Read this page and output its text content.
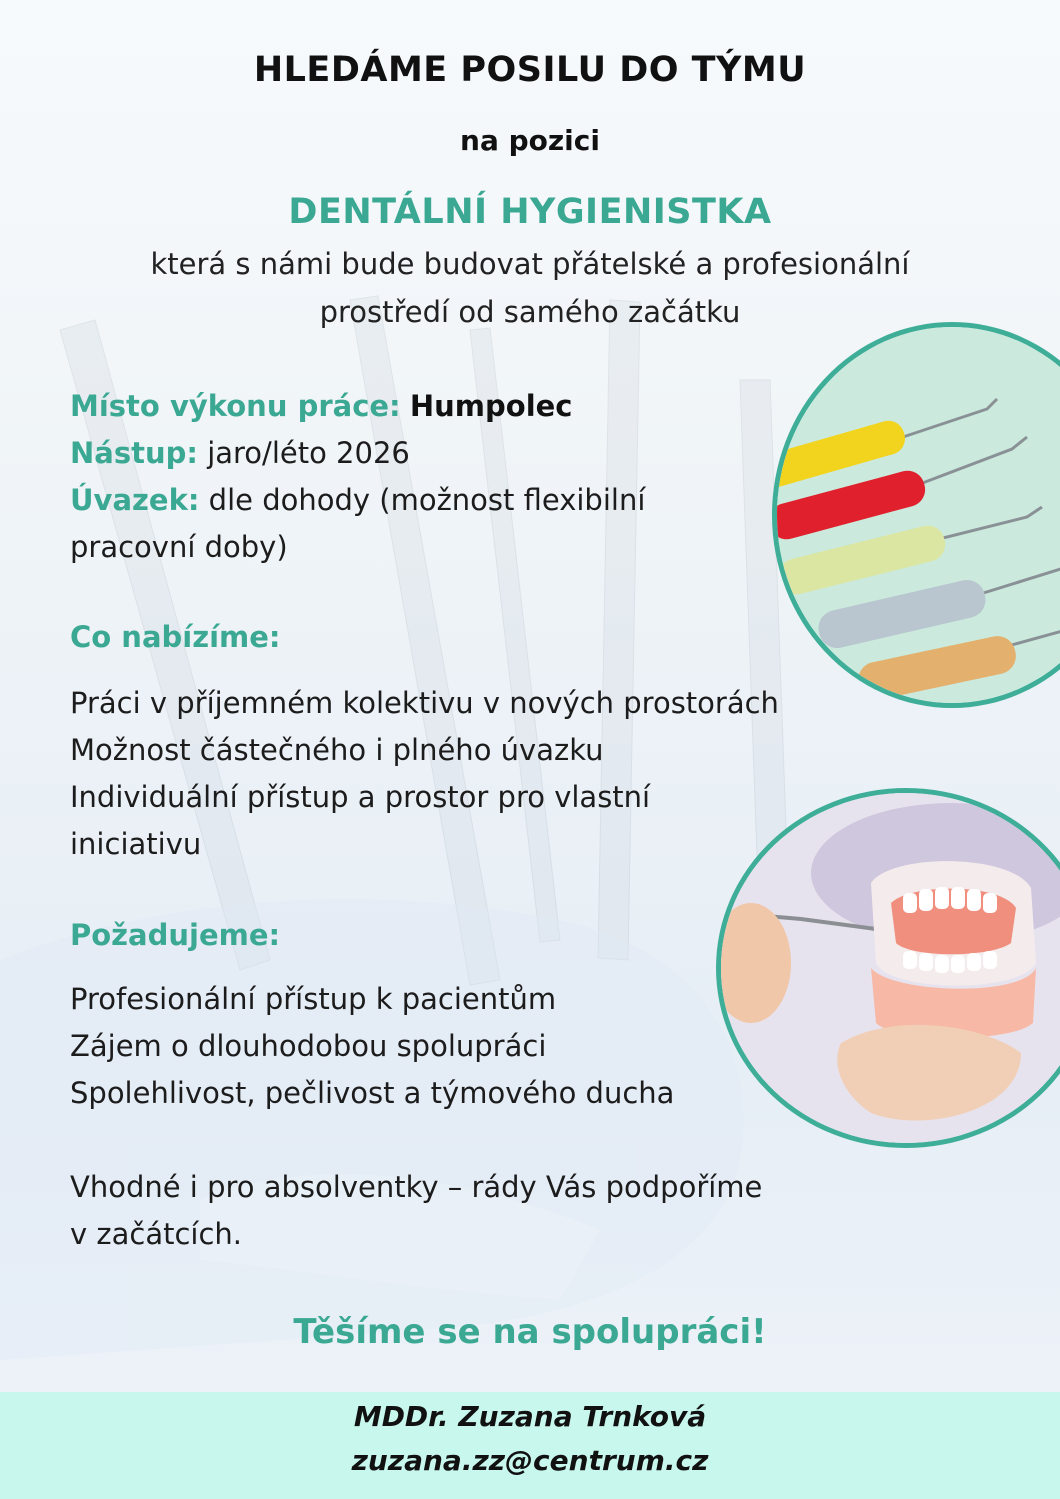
HLEDÁME POSILU DO TÝMU
na pozici
DENTÁLNÍ HYGIENISTKA
která s námi bude budovat přátelské a profesionální
prostředí od samého začátku
Místo výkonu práce: Humpolec
Nástup: jaro/léto 2026
Úvazek: dle dohody (možnost flexibilní
pracovní doby)
Co nabízíme:
Práci v příjemném kolektivu v nových prostorách
Možnost částečného i plného úvazku
Individuální přístup a prostor pro vlastní
iniciativu
Požadujeme:
Profesionální přístup k pacientům
Zájem o dlouhodobou spolupráci
Spolehlivost, pečlivost a týmového ducha
Vhodné i pro absolventky – rády Vás podpoříme
v začátcích.
Těšíme se na spolupráci!
MDDr. Zuzana Trnková
zuzana.zz@centrum.cz
